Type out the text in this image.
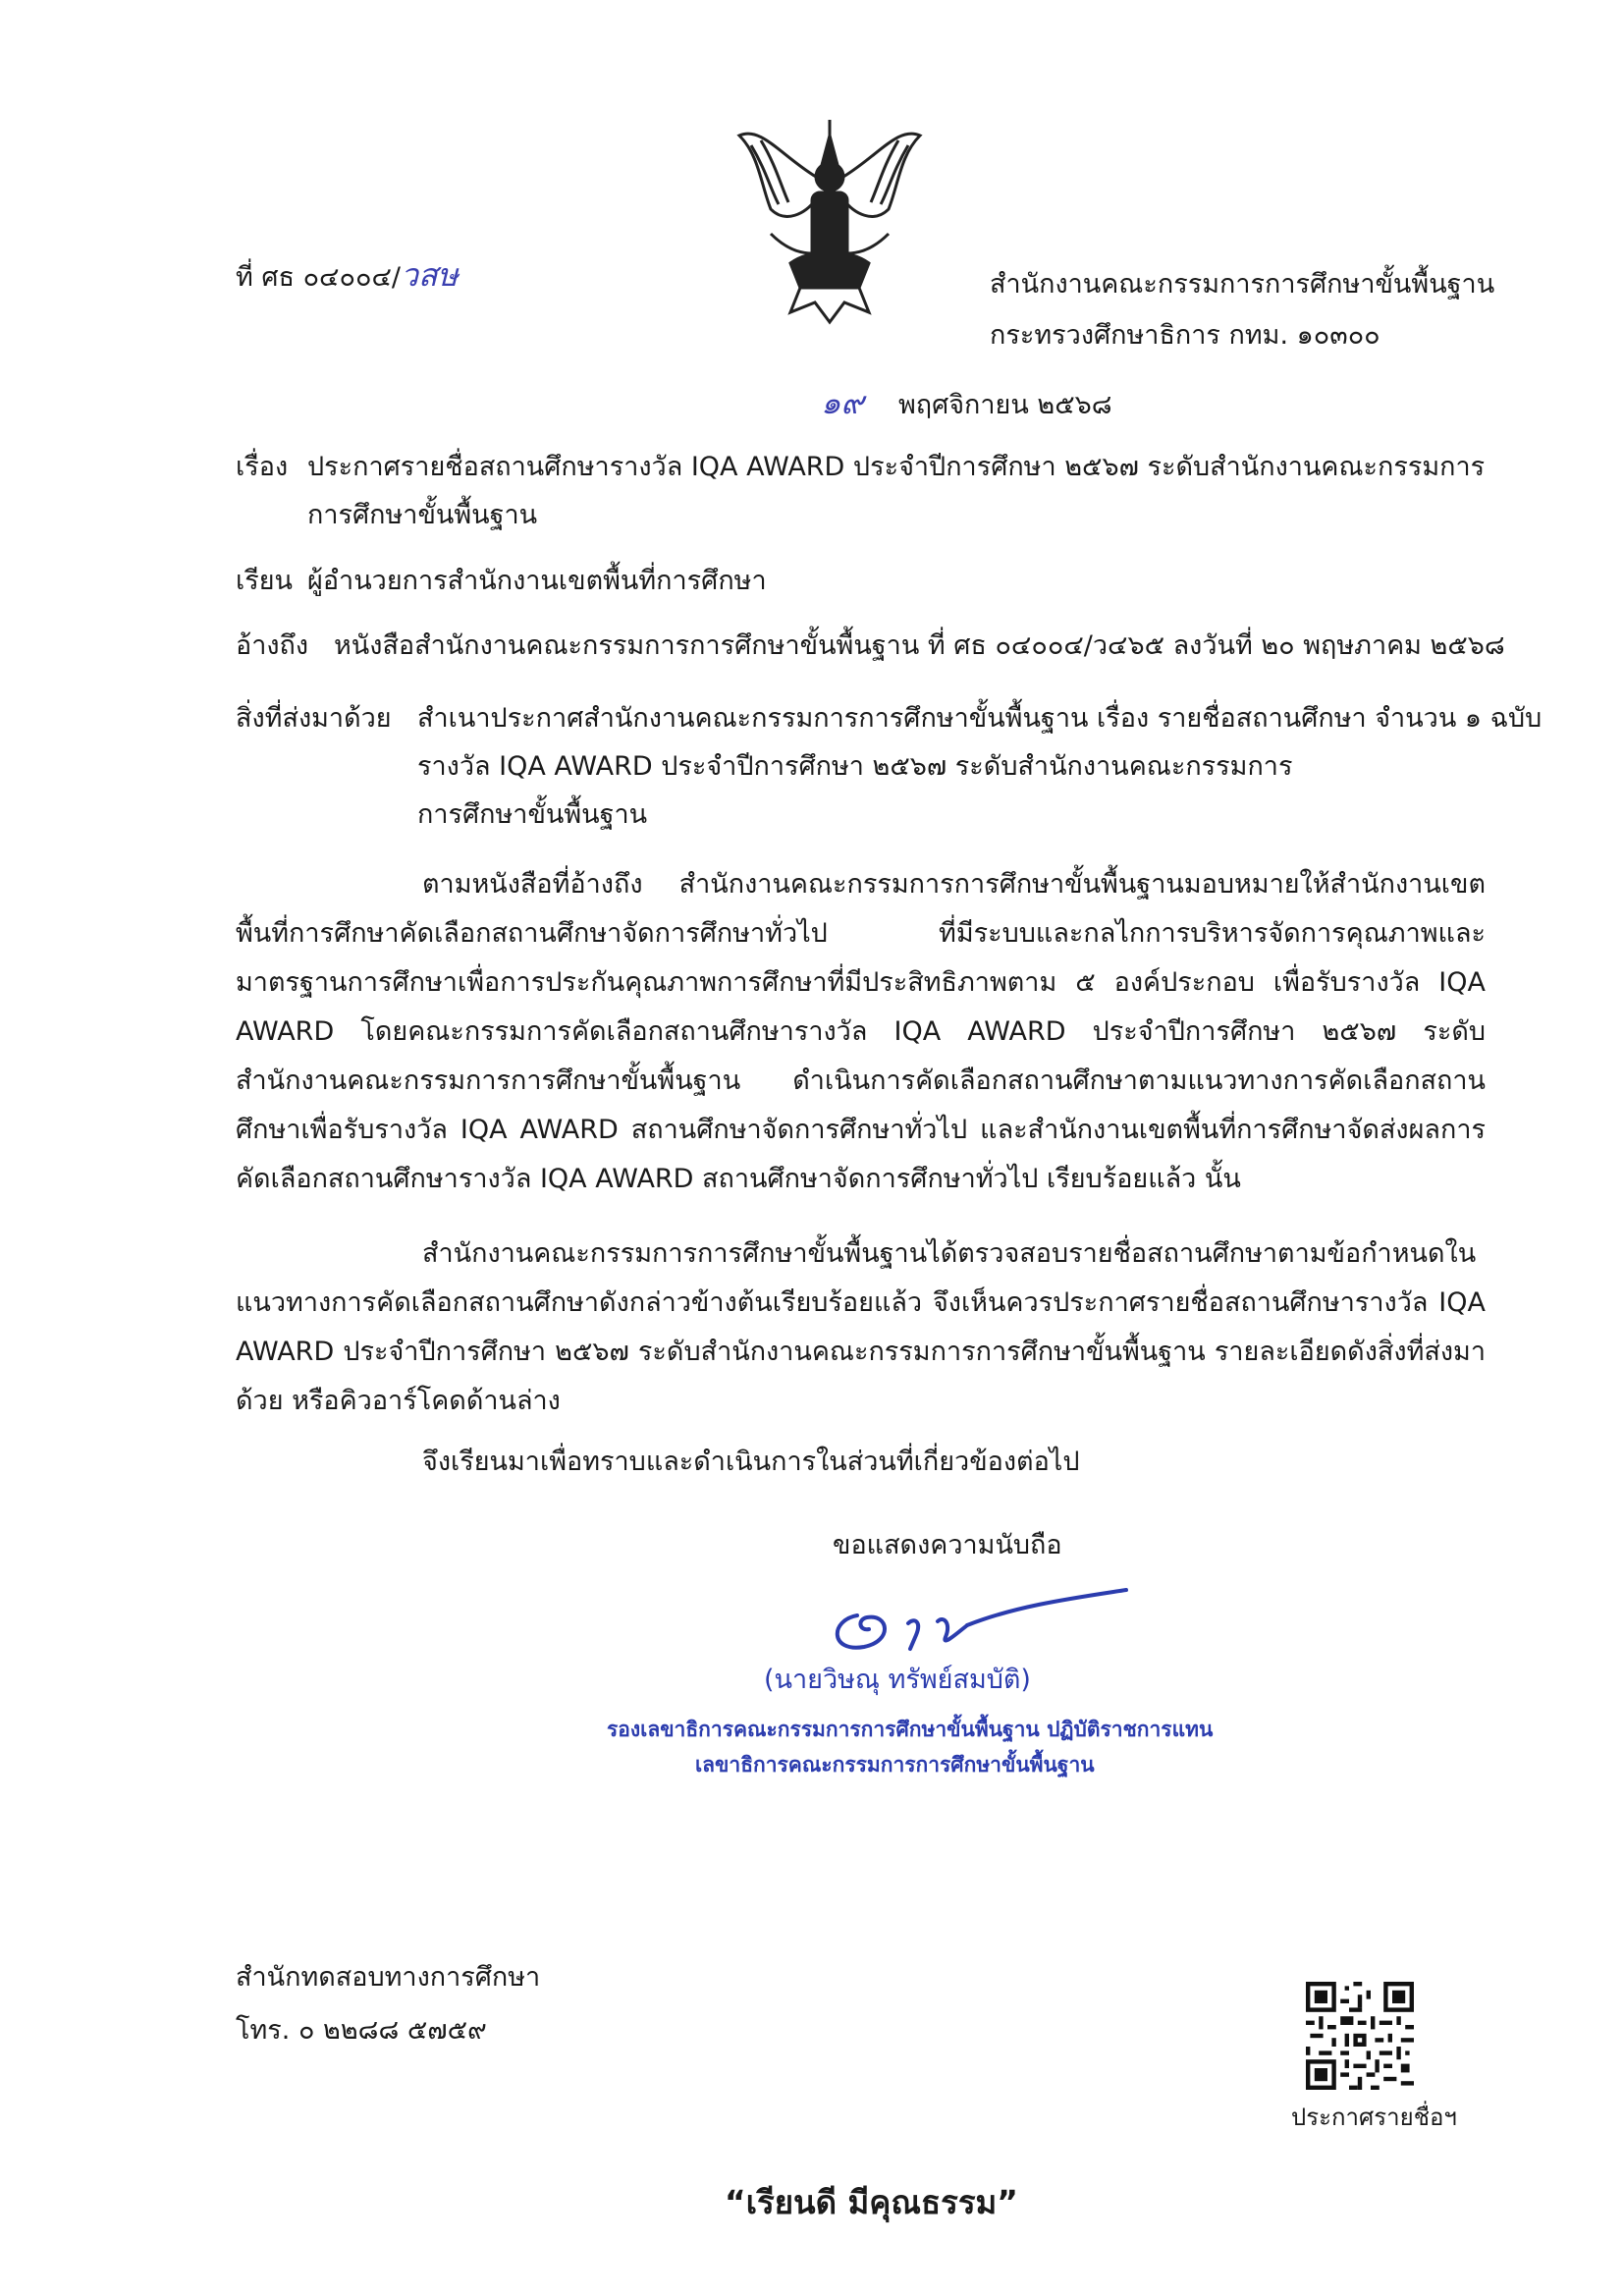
ที่ ศธ ๐๔๐๐๔/วสษ	สำนักงานคณะกรรมการการศึกษาขั้นพื้นฐาน
กระทรวงศึกษาธิการ กทม. ๑๐๓๐๐
๑๙ พฤศจิกายน ๒๕๖๘
เรื่อง ประกาศรายชื่อสถานศึกษารางวัล IQA AWARD ประจำปีการศึกษา ๒๕๖๗ ระดับสำนักงานคณะกรรมการ
การศึกษาขั้นพื้นฐาน
เรียน ผู้อำนวยการสำนักงานเขตพื้นที่การศึกษา
อ้างถึง หนังสือสำนักงานคณะกรรมการการศึกษาขั้นพื้นฐาน ที่ ศธ ๐๔๐๐๔/ว๔๖๕ ลงวันที่ ๒๐ พฤษภาคม ๒๕๖๘
สิ่งที่ส่งมาด้วย สำเนาประกาศสำนักงานคณะกรรมการการศึกษาขั้นพื้นฐาน เรื่อง รายชื่อสถานศึกษา จำนวน ๑ ฉบับ
รางวัล IQA AWARD ประจำปีการศึกษา ๒๕๖๗ ระดับสำนักงานคณะกรรมการ
การศึกษาขั้นพื้นฐาน
ตามหนังสือที่อ้างถึง สำนักงานคณะกรรมการการศึกษาขั้นพื้นฐานมอบหมายให้สำนักงานเขตพื้นที่การศึกษาคัดเลือกสถานศึกษาจัดการศึกษาทั่วไป ที่มีระบบและกลไกการบริหารจัดการคุณภาพและมาตรฐานการศึกษาเพื่อการประกันคุณภาพการศึกษาที่มีประสิทธิภาพตาม ๕ องค์ประกอบ เพื่อรับรางวัล IQA AWARD โดยคณะกรรมการคัดเลือกสถานศึกษารางวัล IQA AWARD ประจำปีการศึกษา ๒๕๖๗ ระดับสำนักงานคณะกรรมการการศึกษาขั้นพื้นฐาน ดำเนินการคัดเลือกสถานศึกษาตามแนวทางการคัดเลือกสถานศึกษาเพื่อรับรางวัล IQA AWARD สถานศึกษาจัดการศึกษาทั่วไป และสำนักงานเขตพื้นที่การศึกษาจัดส่งผลการคัดเลือกสถานศึกษารางวัล IQA AWARD สถานศึกษาจัดการศึกษาทั่วไป เรียบร้อยแล้ว นั้น
สำนักงานคณะกรรมการการศึกษาขั้นพื้นฐานได้ตรวจสอบรายชื่อสถานศึกษาตามข้อกำหนดในแนวทางการคัดเลือกสถานศึกษาดังกล่าวข้างต้นเรียบร้อยแล้ว จึงเห็นควรประกาศรายชื่อสถานศึกษารางวัล IQA AWARD ประจำปีการศึกษา ๒๕๖๗ ระดับสำนักงานคณะกรรมการการศึกษาขั้นพื้นฐาน รายละเอียดดังสิ่งที่ส่งมาด้วย หรือคิวอาร์โคดด้านล่าง
จึงเรียนมาเพื่อทราบและดำเนินการในส่วนที่เกี่ยวข้องต่อไป
ขอแสดงความนับถือ
(นายวิษณุ ทรัพย์สมบัติ)
รองเลขาธิการคณะกรรมการการศึกษาขั้นพื้นฐาน ปฏิบัติราชการแทน
เลขาธิการคณะกรรมการการศึกษาขั้นพื้นฐาน
สำนักทดสอบทางการศึกษา
โทร. ๐ ๒๒๘๘ ๕๗๕๙
ประกาศรายชื่อฯ
“เรียนดี มีคุณธรรม”
